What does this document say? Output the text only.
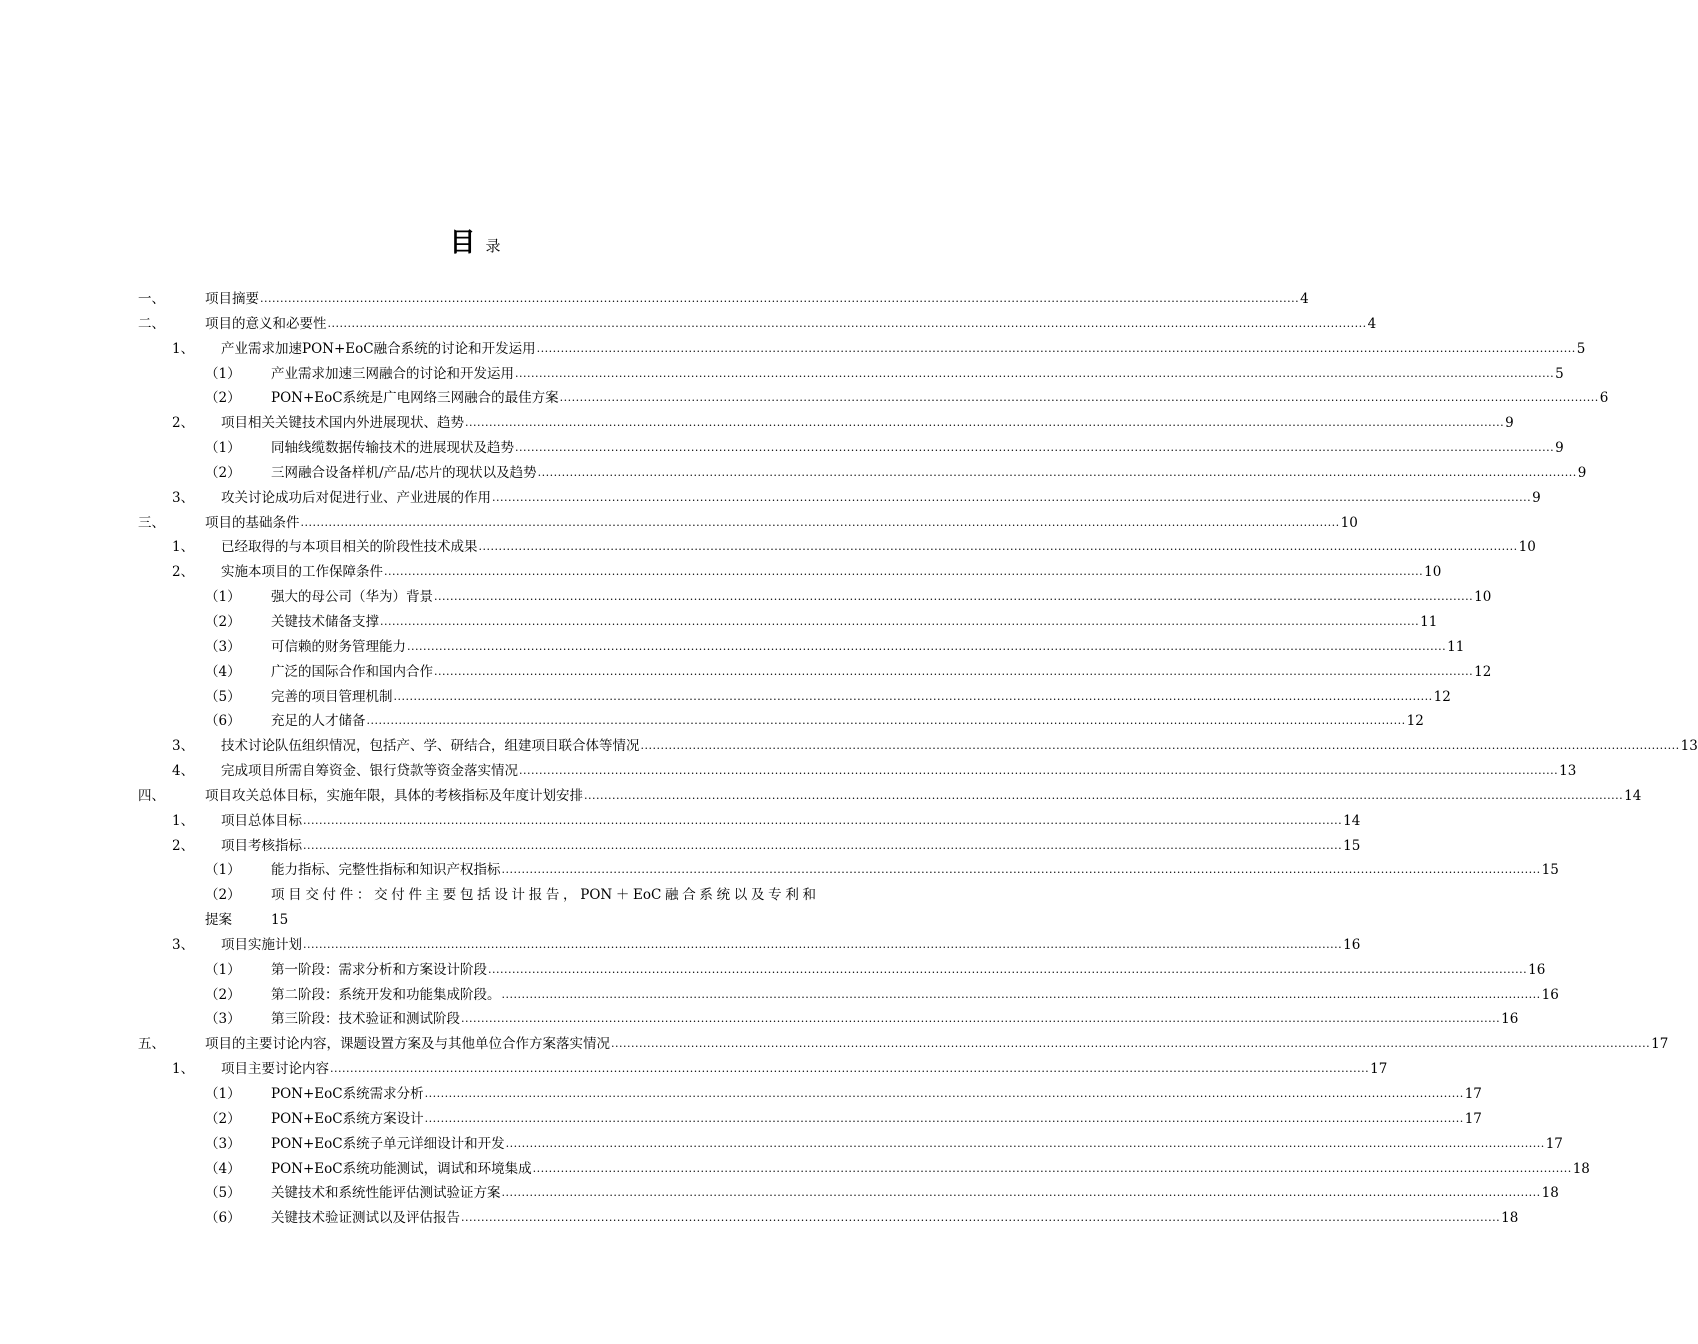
目录
一、	项目摘要 .................................................................................................................................................................................................................................................................... 4
二、	项目的意义和必要性 .................................................................................................................................................................................................................................................................... 4
1、 产业需求加速PON+EoC融合系统的讨论和开发运用 .................................................................................................................................................................................................................................................................... 5
（1） 产业需求加速三网融合的讨论和开发运用 .................................................................................................................................................................................................................................................................... 5
（2） PON+EoC系统是广电网络三网融合的最佳方案 .................................................................................................................................................................................................................................................................... 6
2、 项目相关关键技术国内外进展现状、趋势 .................................................................................................................................................................................................................................................................... 9
（1） 同轴线缆数据传输技术的进展现状及趋势 .................................................................................................................................................................................................................................................................... 9
（2） 三网融合设备样机/产品/芯片的现状以及趋势 .................................................................................................................................................................................................................................................................... 9
3、 攻关讨论成功后对促进行业、产业进展的作用 .................................................................................................................................................................................................................................................................... 9
三、	项目的基础条件 .................................................................................................................................................................................................................................................................... 10
1、 已经取得的与本项目相关的阶段性技术成果 .................................................................................................................................................................................................................................................................... 10
2、 实施本项目的工作保障条件 .................................................................................................................................................................................................................................................................... 10
（1） 强大的母公司（华为）背景 .................................................................................................................................................................................................................................................................... 10
（2） 关键技术储备支撑 .................................................................................................................................................................................................................................................................... 11
（3） 可信赖的财务管理能力 .................................................................................................................................................................................................................................................................... 11
（4） 广泛的国际合作和国内合作 .................................................................................................................................................................................................................................................................... 12
（5） 完善的项目管理机制 .................................................................................................................................................................................................................................................................... 12
（6） 充足的人才储备 .................................................................................................................................................................................................................................................................... 12
3、 技术讨论队伍组织情况，包括产、学、研结合，组建项目联合体等情况 .................................................................................................................................................................................................................................................................... 13
4、 完成项目所需自筹资金、银行贷款等资金落实情况 .................................................................................................................................................................................................................................................................... 13
四、	项目攻关总体目标，实施年限，具体的考核指标及年度计划安排 .................................................................................................................................................................................................................................................................... 14
1、 项目总体目标 .................................................................................................................................................................................................................................................................... 14
2、 项目考核指标 .................................................................................................................................................................................................................................................................... 15
（1） 能力指标、完整性指标和知识产权指标 .................................................................................................................................................................................................................................................................... 15
（2） 项目交付件：交付件主要包括设计报告，PON＋EoC融合系统以及专利和
提案	15
3、 项目实施计划 .................................................................................................................................................................................................................................................................... 16
（1） 第一阶段：需求分析和方案设计阶段 .................................................................................................................................................................................................................................................................... 16
（2） 第二阶段：系统开发和功能集成阶段。 .................................................................................................................................................................................................................................................................... 16
（3） 第三阶段：技术验证和测试阶段 .................................................................................................................................................................................................................................................................... 16
五、	项目的主要讨论内容，课题设置方案及与其他单位合作方案落实情况 .................................................................................................................................................................................................................................................................... 17
1、 项目主要讨论内容 .................................................................................................................................................................................................................................................................... 17
（1） PON+EoC系统需求分析 .................................................................................................................................................................................................................................................................... 17
（2） PON+EoC系统方案设计 .................................................................................................................................................................................................................................................................... 17
（3） PON+EoC系统子单元详细设计和开发 .................................................................................................................................................................................................................................................................... 17
（4） PON+EoC系统功能测试，调试和环境集成 .................................................................................................................................................................................................................................................................... 18
（5） 关键技术和系统性能评估测试验证方案 .................................................................................................................................................................................................................................................................... 18
（6） 关键技术验证测试以及评估报告 .................................................................................................................................................................................................................................................................... 18
